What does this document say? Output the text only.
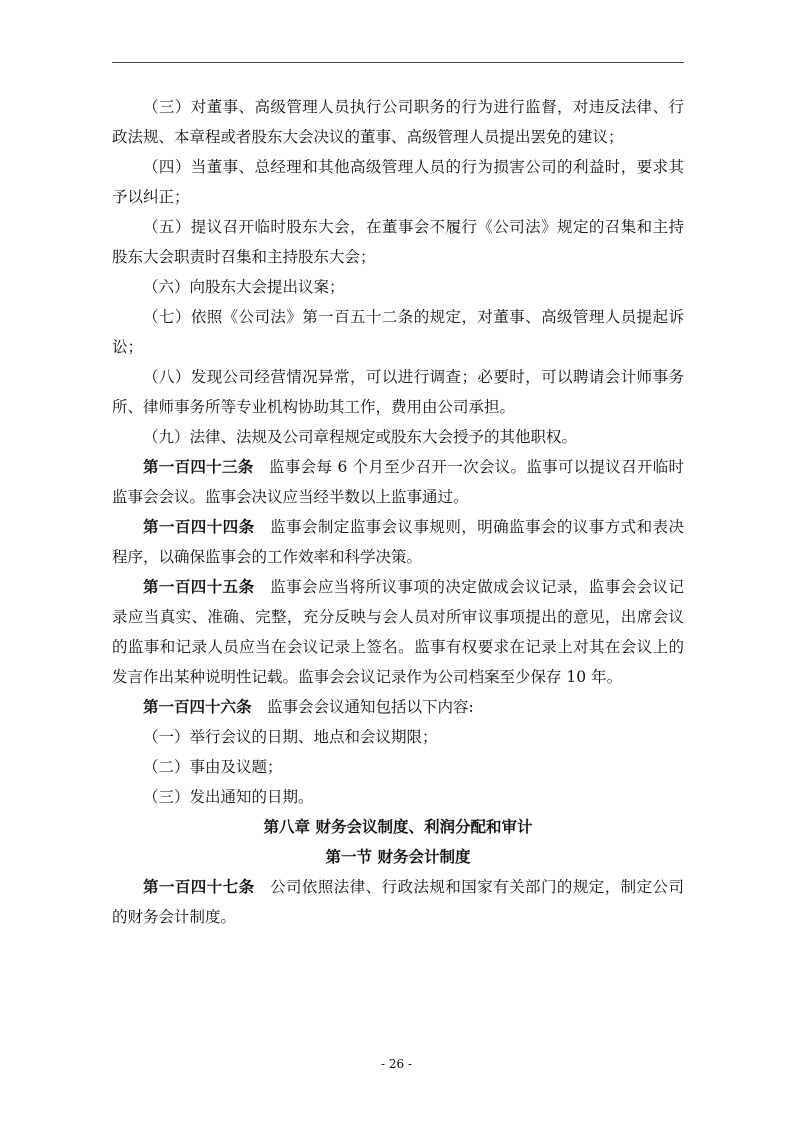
（三）对董事、高级管理人员执行公司职务的行为进行监督，对违反法律、行政法规、本章程或者股东大会决议的董事、高级管理人员提出罢免的建议；

（四）当董事、总经理和其他高级管理人员的行为损害公司的利益时，要求其予以纠正；

（五）提议召开临时股东大会，在董事会不履行《公司法》规定的召集和主持股东大会职责时召集和主持股东大会；

（六）向股东大会提出议案；

（七）依照《公司法》第一百五十二条的规定，对董事、高级管理人员提起诉讼；

（八）发现公司经营情况异常，可以进行调查；必要时，可以聘请会计师事务所、律师事务所等专业机构协助其工作，费用由公司承担。

（九）法律、法规及公司章程规定或股东大会授予的其他职权。

第一百四十三条 监事会每 6 个月至少召开一次会议。监事可以提议召开临时监事会会议。监事会决议应当经半数以上监事通过。

第一百四十四条 监事会制定监事会议事规则，明确监事会的议事方式和表决程序，以确保监事会的工作效率和科学决策。

第一百四十五条 监事会应当将所议事项的决定做成会议记录，监事会会议记录应当真实、准确、完整，充分反映与会人员对所审议事项提出的意见，出席会议的监事和记录人员应当在会议记录上签名。监事有权要求在记录上对其在会议上的发言作出某种说明性记载。监事会会议记录作为公司档案至少保存 10 年。

第一百四十六条 监事会会议通知包括以下内容:

（一）举行会议的日期、地点和会议期限；

（二）事由及议题；

（三）发出通知的日期。

第八章 财务会议制度、利润分配和审计

第一节 财务会计制度

第一百四十七条 公司依照法律、行政法规和国家有关部门的规定，制定公司的财务会计制度。

- 26 -
